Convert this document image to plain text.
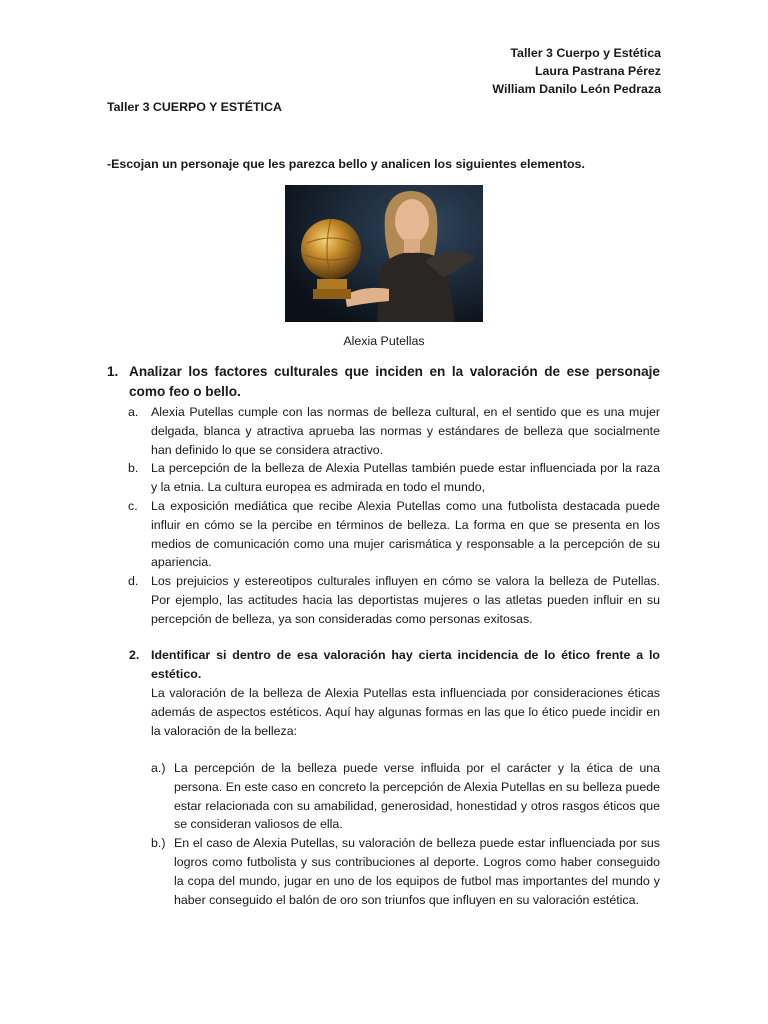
Taller 3 Cuerpo y Estética
Laura Pastrana Pérez
William Danilo León Pedraza
Taller 3 CUERPO Y ESTÉTICA
-Escojan un personaje que les parezca bello y analicen los siguientes elementos.
Alexia Putellas
1. Analizar los factores culturales que inciden en la valoración de ese personaje como feo o bello.

a. Alexia Putellas cumple con las normas de belleza cultural, en el sentido que es una mujer delgada, blanca y atractiva aprueba las normas y estándares de belleza que socialmente han definido lo que se considera atractivo.

b. La percepción de la belleza de Alexia Putellas también puede estar influenciada por la raza y la etnia. La cultura europea es admirada en todo el mundo,

c. La exposición mediática que recibe Alexia Putellas como una futbolista destacada puede influir en cómo se la percibe en términos de belleza. La forma en que se presenta en los medios de comunicación como una mujer carismática y responsable a la percepción de su apariencia.

d. Los prejuicios y estereotipos culturales influyen en cómo se valora la belleza de Putellas. Por ejemplo, las actitudes hacia las deportistas mujeres o las atletas pueden influir en su percepción de belleza, ya son consideradas como personas exitosas.

2. Identificar si dentro de esa valoración hay cierta incidencia de lo ético frente a lo estético.
La valoración de la belleza de Alexia Putellas esta influenciada por consideraciones éticas además de aspectos estéticos. Aquí hay algunas formas en las que lo ético puede incidir en la valoración de la belleza:

a.) La percepción de la belleza puede verse influida por el carácter y la ética de una persona. En este caso en concreto la percepción de Alexia Putellas en su belleza puede estar relacionada con su amabilidad, generosidad, honestidad y otros rasgos éticos que se consideran valiosos de ella.

b.) En el caso de Alexia Putellas, su valoración de belleza puede estar influenciada por sus logros como futbolista y sus contribuciones al deporte. Logros como haber conseguido la copa del mundo, jugar en uno de los equipos de futbol mas importantes del mundo y haber conseguido el balón de oro son triunfos que influyen en su valoración estética.
